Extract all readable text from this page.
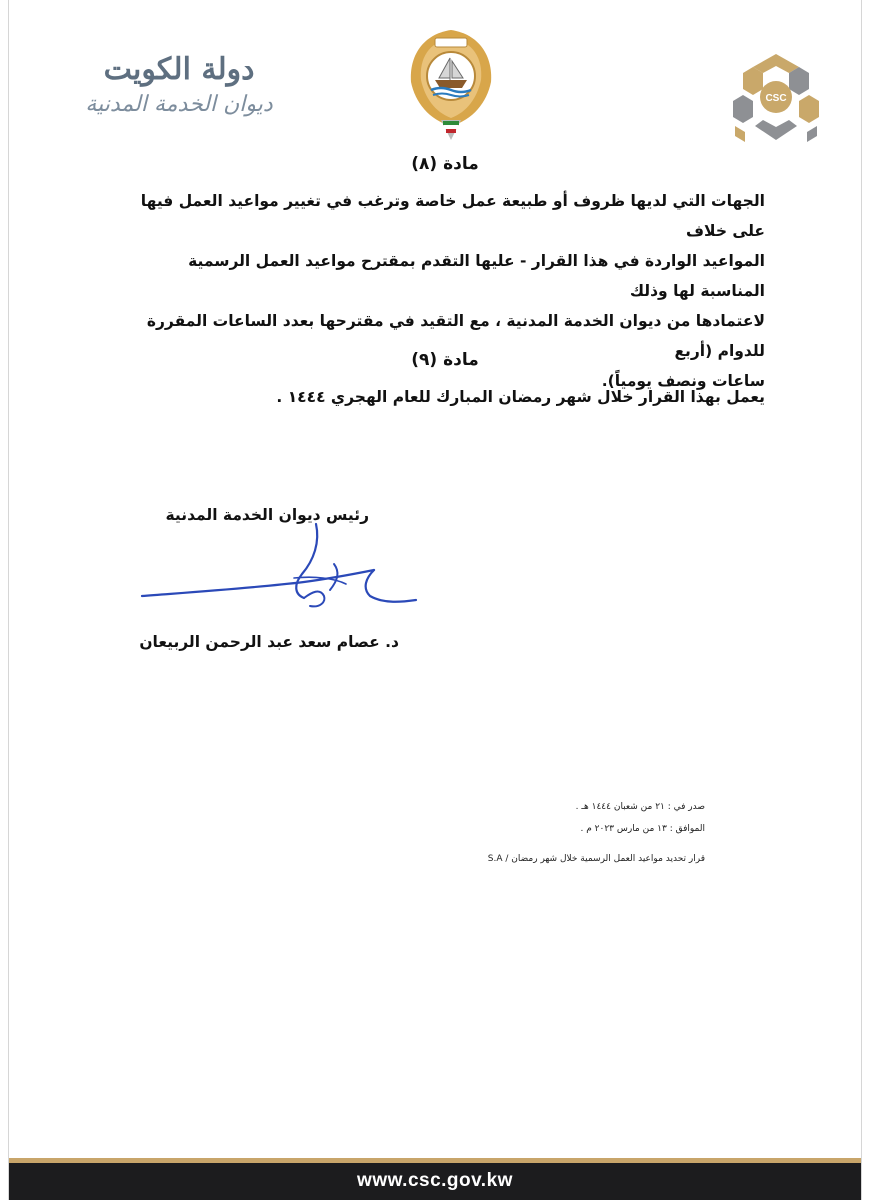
دولة الكويت
ديوان الخدمة المدنية	CSC
مادة (٨)

الجهات التي لديها ظروف أو طبيعة عمل خاصة وترغب في تغيير مواعيد العمل فيها على خلاف

المواعيد الواردة في هذا القرار - عليها التقدم بمقترح مواعيد العمل الرسمية المناسبة لها وذلك

لاعتمادها من ديوان الخدمة المدنية ، مع التقيد في مقترحها بعدد الساعات المقررة للدوام (أربع

ساعات ونصف يومياً).

مادة (٩)

يعمل بهذا القرار خلال شهر رمضان المبارك للعام الهجري ١٤٤٤ .

رئيس ديوان الخدمة المدنية
د. عصام سعد عبد الرحمن الربيعان
صدر في : ٢١ من شعبان ١٤٤٤ هـ .
الموافق : ١٣ من مارس ٢٠٢٣ م .
قرار تحديد مواعيد العمل الرسمية خلال شهر رمضان / S.A
www.csc.gov.kw
